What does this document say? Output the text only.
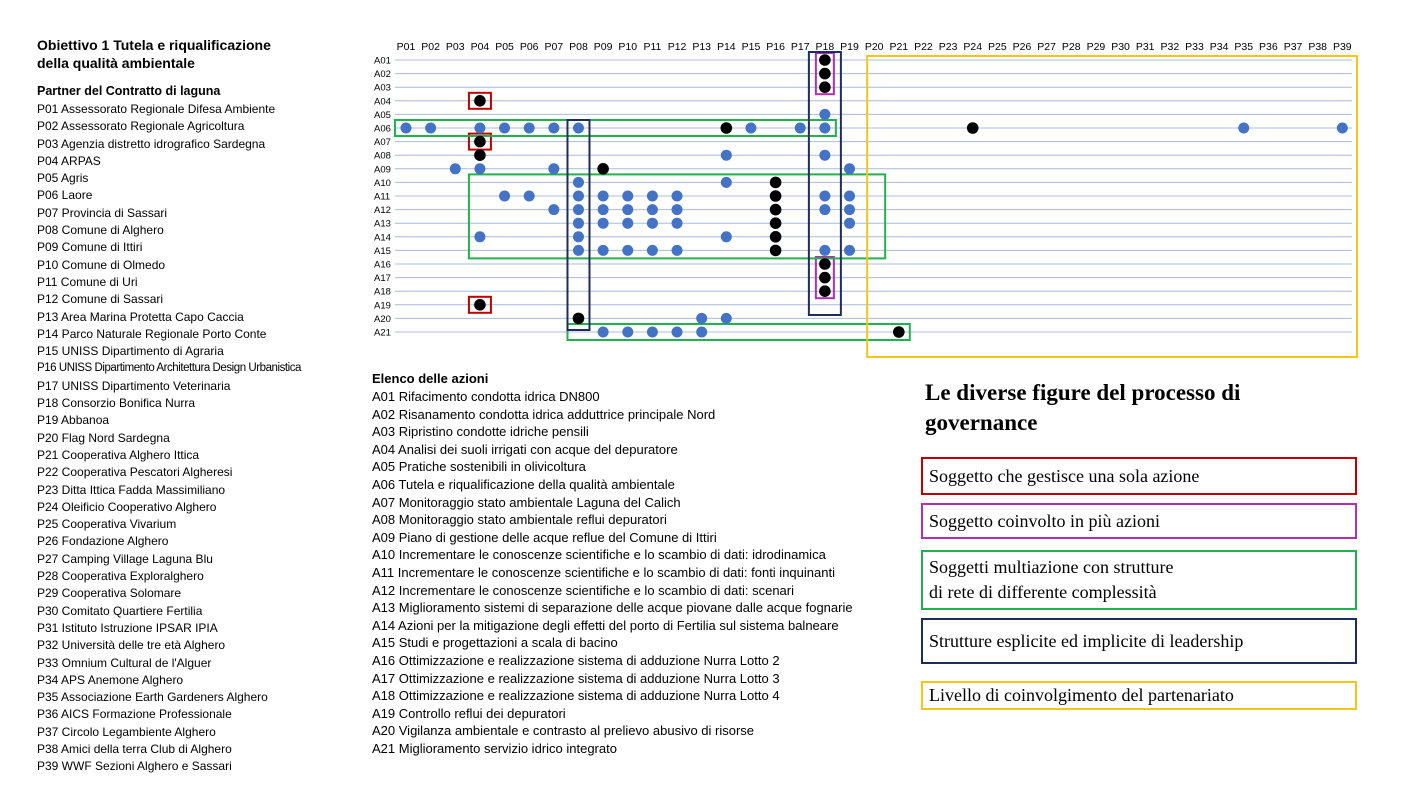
Obiettivo 1 Tutela e riqualificazione
della qualità ambientale
Partner del Contratto di laguna
P01 Assessorato Regionale Difesa Ambiente
P02 Assessorato Regionale Agricoltura
P03 Agenzia distretto idrografico Sardegna
P04 ARPAS
P05 Agris
P06 Laore
P07 Provincia di Sassari
P08 Comune di Alghero
P09 Comune di Ittiri
P10 Comune di Olmedo
P11 Comune di Uri
P12 Comune di Sassari
P13 Area Marina Protetta Capo Caccia
P14 Parco Naturale Regionale Porto Conte
P15 UNISS Dipartimento di Agraria
P16 UNISS Dipartimento Architettura Design Urbanistica
P17 UNISS Dipartimento Veterinaria
P18 Consorzio Bonifica Nurra
P19 Abbanoa
P20 Flag Nord Sardegna
P21 Cooperativa Alghero Ittica
P22 Cooperativa Pescatori Algheresi
P23 Ditta Ittica Fadda Massimiliano
P24 Oleificio Cooperativo Alghero
P25 Cooperativa Vivarium
P26 Fondazione Alghero
P27 Camping Village Laguna Blu
P28 Cooperativa Exploralghero
P29 Cooperativa Solomare
P30 Comitato Quartiere Fertilia
P31 Istituto Istruzione IPSAR IPIA
P32 Università delle tre età Alghero
P33 Omnium Cultural de l'Alguer
P34 APS Anemone Alghero
P35 Associazione Earth Gardeners Alghero
P36 AICS Formazione Professionale
P37 Circolo Legambiente Alghero
P38 Amici della terra Club di Alghero
P39 WWF Sezioni Alghero e Sassari
P01 P02 P03 P04 P05 P06 P07 P08 P09 P10 P11 P12 P13 P14 P15 P16 P17 P18 P19 P20 P21 P22 P23 P24 P25 P26 P27 P28 P29 P30 P31 P32 P33 P34 P35 P36 P37 P38 P39
A01
A02
A03
A04
A05
A06
A07
A08
A09
A10
A11
A12
A13
A14
A15
A16
A17
A18
A19
A20
A21
Elenco delle azioni
A01 Rifacimento condotta idrica DN800
A02 Risanamento condotta idrica adduttrice principale Nord
A03 Ripristino condotte idriche pensili
A04 Analisi dei suoli irrigati con acque del depuratore
A05 Pratiche sostenibili in olivicoltura
A06 Tutela e riqualificazione della qualità ambientale
A07 Monitoraggio stato ambientale Laguna del Calich
A08 Monitoraggio stato ambientale reflui depuratori
A09 Piano di gestione delle acque reflue del Comune di Ittiri
A10 Incrementare le conoscenze scientifiche e lo scambio di dati: idrodinamica
A11 Incrementare le conoscenze scientifiche e lo scambio di dati: fonti inquinanti
A12 Incrementare le conoscenze scientifiche e lo scambio di dati: scenari
A13 Miglioramento sistemi di separazione delle acque piovane dalle acque fognarie
A14 Azioni per la mitigazione degli effetti del porto di Fertilia sul sistema balneare
A15 Studi e progettazioni a scala di bacino
A16 Ottimizzazione e realizzazione sistema di adduzione Nurra Lotto 2
A17 Ottimizzazione e realizzazione sistema di adduzione Nurra Lotto 3
A18 Ottimizzazione e realizzazione sistema di adduzione Nurra Lotto 4
A19 Controllo reflui dei depuratori
A20 Vigilanza ambientale e contrasto al prelievo abusivo di risorse
A21 Miglioramento servizio idrico integrato
Le diverse figure del processo di governance
Soggetto che gestisce una sola azione
Soggetto coinvolto in più azioni
Soggetti multiazione con strutture
di rete di differente complessità
Strutture esplicite ed implicite di leadership
Livello di coinvolgimento del partenariato
